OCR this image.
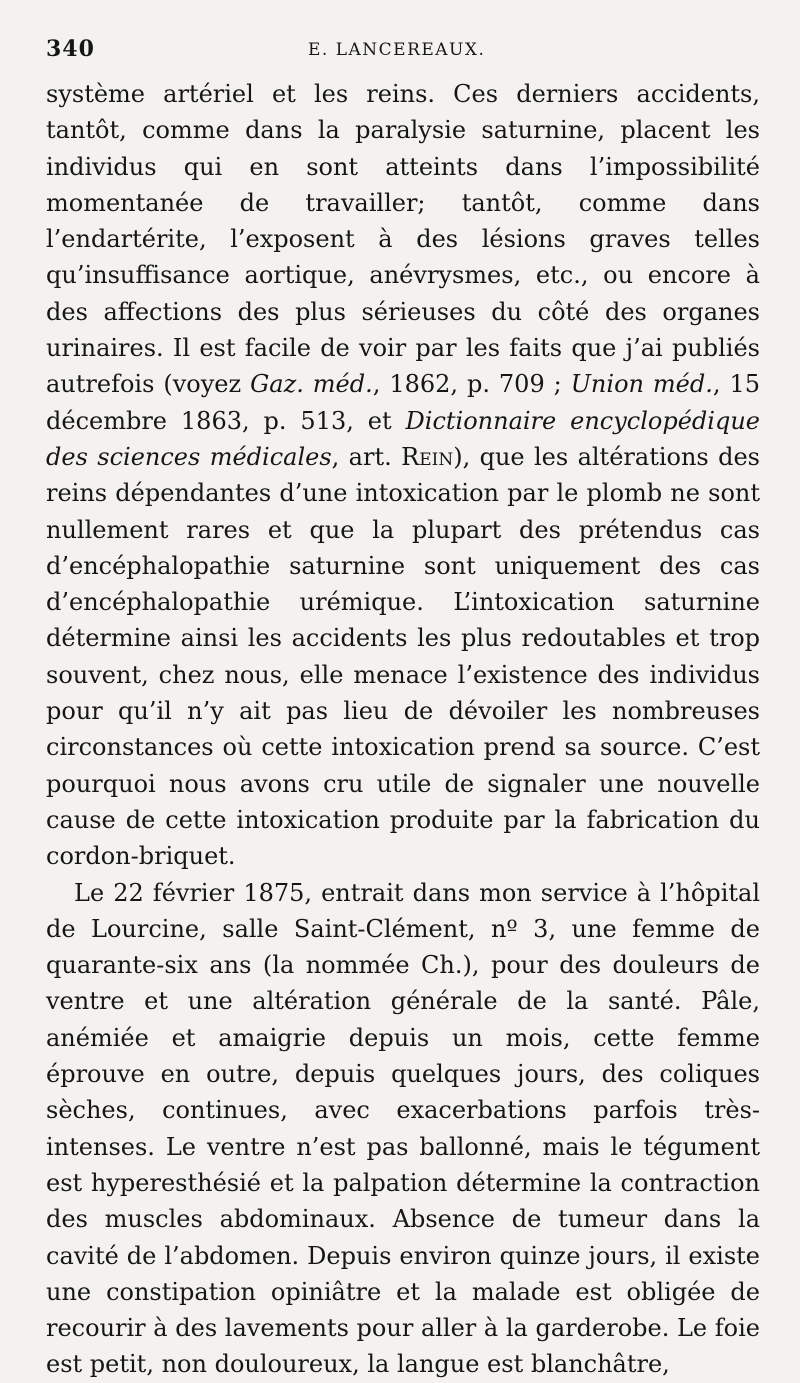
340	E. LANCEREAUX.

système artériel et les reins. Ces derniers accidents, tantôt, comme dans la paralysie saturnine, placent les individus qui en sont atteints dans l’impossibilité momentanée de travailler; tantôt, comme dans l’endartérite, l’exposent à des lésions graves telles qu’insuffisance aortique, anévrysmes, etc., ou encore à des affections des plus sérieuses du côté des organes urinaires. Il est facile de voir par les faits que j’ai publiés autrefois (voyez Gaz. méd., 1862, p. 709 ; Union méd., 15 décembre 1863, p. 513, et Dictionnaire encyclopédique des sciences médicales, art. Rein), que les altérations des reins dépendantes d’une intoxication par le plomb ne sont nullement rares et que la plupart des prétendus cas d’encéphalopathie saturnine sont uniquement des cas d’encéphalopathie urémique. L’intoxication saturnine détermine ainsi les accidents les plus redoutables et trop souvent, chez nous, elle menace l’existence des individus pour qu’il n’y ait pas lieu de dévoiler les nombreuses circonstances où cette intoxication prend sa source. C’est pourquoi nous avons cru utile de signaler une nouvelle cause de cette intoxication produite par la fabrication du cordon-briquet.

Le 22 février 1875, entrait dans mon service à l’hôpital de Lourcine, salle Saint-Clément, nº 3, une femme de quarante-six ans (la nommée Ch.), pour des douleurs de ventre et une altération générale de la santé. Pâle, anémiée et amaigrie depuis un mois, cette femme éprouve en outre, depuis quelques jours, des coliques sèches, continues, avec exacerbations parfois très-intenses. Le ventre n’est pas ballonné, mais le tégument est hyperesthésié et la palpation détermine la contraction des muscles abdominaux. Absence de tumeur dans la cavité de l’abdomen. Depuis environ quinze jours, il existe une constipation opiniâtre et la malade est obligée de recourir à des lavements pour aller à la garderobe. Le foie est petit, non douloureux, la langue est blanchâtre,
